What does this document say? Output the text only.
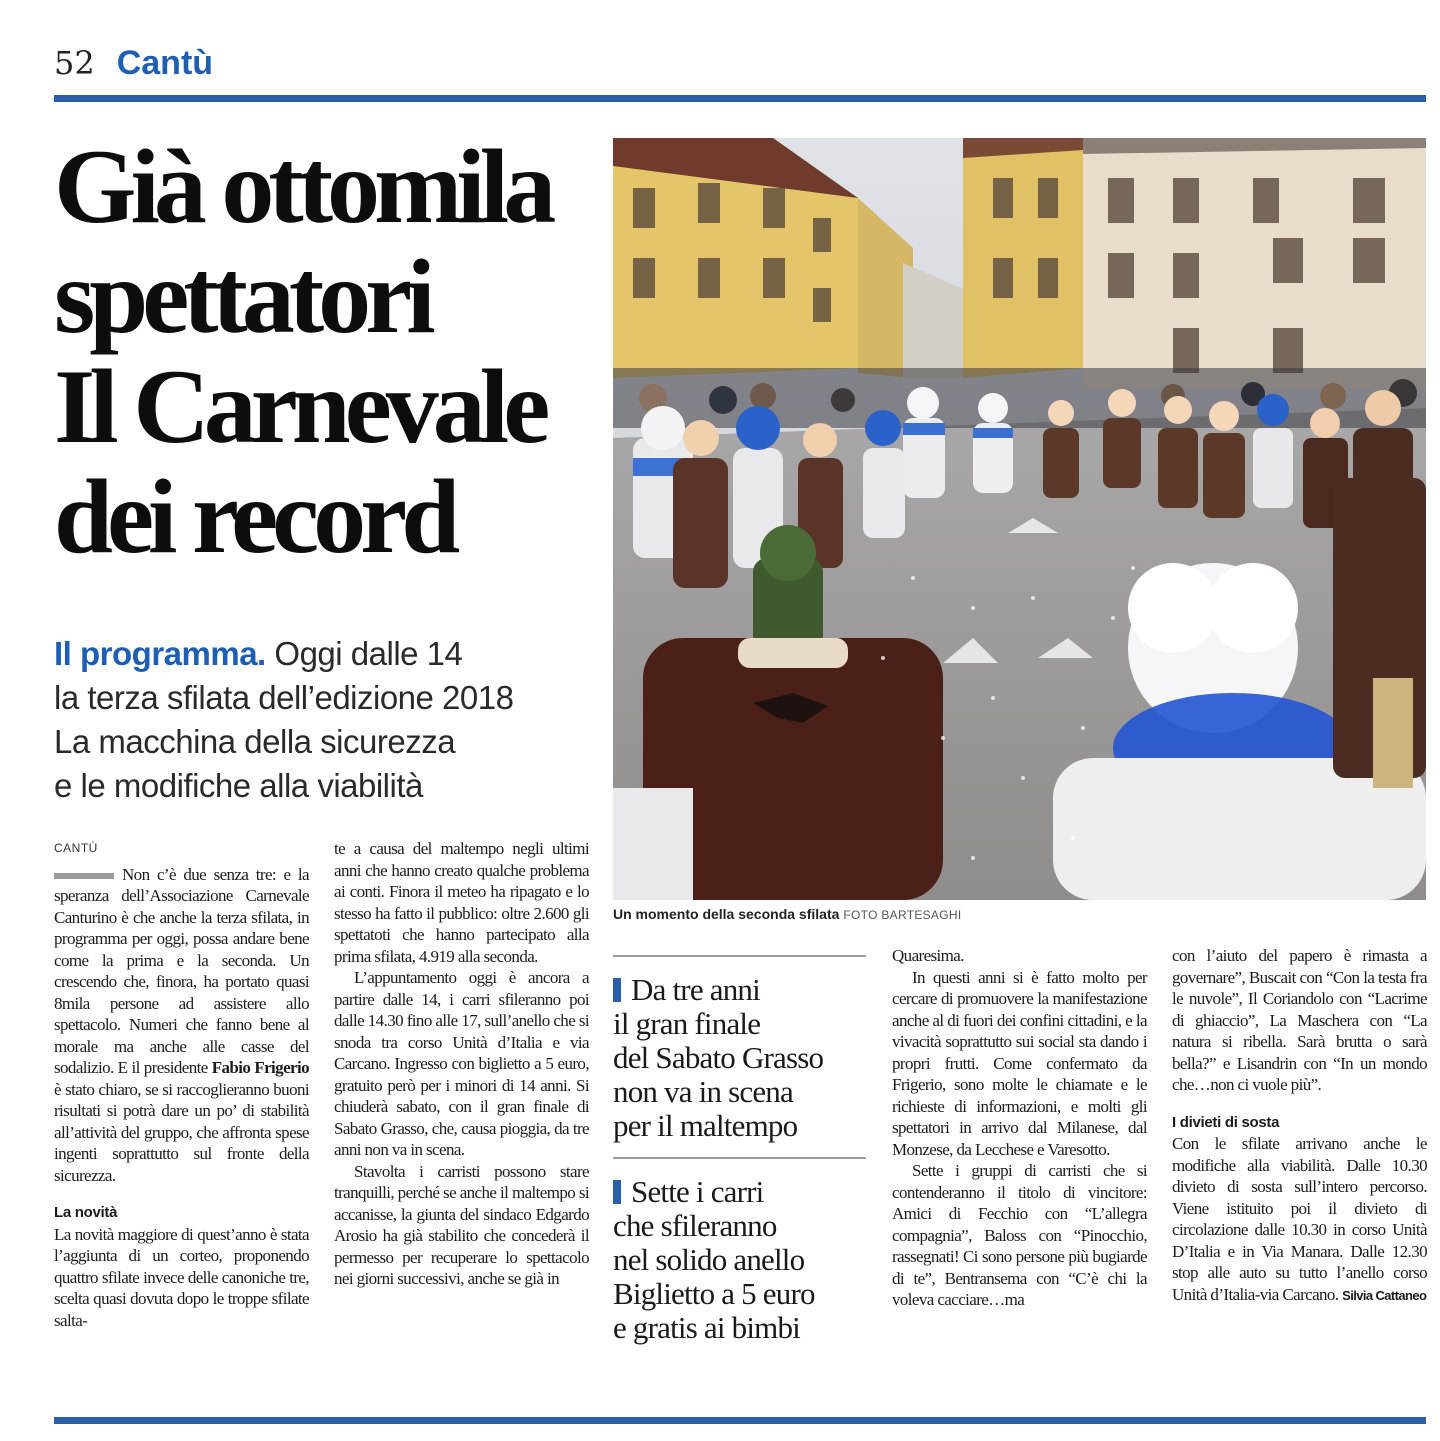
52 Cantù
Già ottomila
spettatori
Il Carnevale
dei record
Il programma. Oggi dalle 14
la terza sfilata dell’edizione 2018
La macchina della sicurezza
e le modifiche alla viabilità
Un momento della seconda sfilata FOTO BARTESAGHI
CANTÙ

Non c’è due senza tre: e la speranza dell’Associazione Carnevale Canturino è che anche la terza sfilata, in programma per oggi, possa andare bene come la prima e la seconda. Un crescendo che, finora, ha portato quasi 8mila persone ad assistere allo spettacolo. Numeri che fanno bene al morale ma anche alle casse del sodalizio. E il presidente Fabio Frigerio è stato chiaro, se si raccoglieranno buoni risultati si potrà dare un po’ di stabilità all’attività del gruppo, che affronta spese ingenti soprattutto sul fronte della sicurezza.

La novità

La novità maggiore di quest’anno è stata l’aggiunta di un corteo, proponendo quattro sfilate invece delle canoniche tre, scelta quasi dovuta dopo le troppe sfilate salta-

te a causa del maltempo negli ultimi anni che hanno creato qualche problema ai conti. Finora il meteo ha ripagato e lo stesso ha fatto il pubblico: oltre 2.600 gli spettatoti che hanno partecipato alla prima sfilata, 4.919 alla seconda.

L’appuntamento oggi è ancora a partire dalle 14, i carri sfileranno poi dalle 14.30 fino alle 17, sull’anello che si snoda tra corso Unità d’Italia e via Carcano. Ingresso con biglietto a 5 euro, gratuito però per i minori di 14 anni. Si chiuderà sabato, con il gran finale di Sabato Grasso, che, causa pioggia, da tre anni non va in scena.

Stavolta i carristi possono stare tranquilli, perché se anche il maltempo si accanisse, la giunta del sindaco Edgardo Arosio ha già stabilito che concederà il permesso per recuperare lo spettacolo nei giorni successivi, anche se già in

Da tre anni
il gran finale
del Sabato Grasso
non va in scena
per il maltempo
Sette i carri
che sfileranno
nel solido anello
Biglietto a 5 euro
e gratis ai bimbi

Quaresima.

In questi anni si è fatto molto per cercare di promuovere la manifestazione anche al di fuori dei confini cittadini, e la vivacità soprattutto sui social sta dando i propri frutti. Come confermato da Frigerio, sono molte le chiamate e le richieste di informazioni, e molti gli spettatori in arrivo dal Milanese, dal Monzese, da Lecchese e Varesotto.

Sette i gruppi di carristi che si contenderanno il titolo di vincitore: Amici di Fecchio con “L’allegra compagnia”, Baloss con “Pinocchio, rassegnati! Ci sono persone più bugiarde di te”, Bentransema con “C’è chi la voleva cacciare…ma

con l’aiuto del papero è rimasta a governare”, Buscait con “Con la testa fra le nuvole”, Il Coriandolo con “Lacrime di ghiaccio”, La Maschera con “La natura si ribella. Sarà brutta o sarà bella?” e Lisandrin con “In un mondo che…non ci vuole più”.

I divieti di sosta

Con le sfilate arrivano anche le modifiche alla viabilità. Dalle 10.30 divieto di sosta sull’intero percorso. Viene istituito poi il divieto di circolazione dalle 10.30 in corso Unità D’Italia e in Via Manara. Dalle 12.30 stop alle auto su tutto l’anello corso Unità d’Italia-via Carcano. Silvia Cattaneo
